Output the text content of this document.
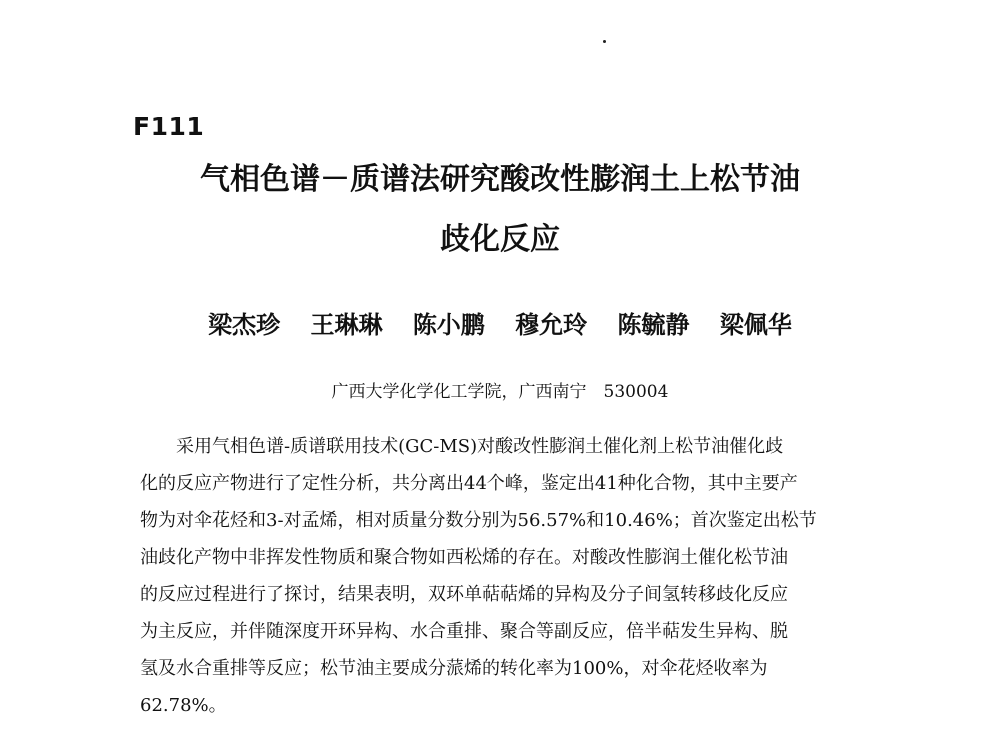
F111
气相色谱－质谱法研究酸改性膨润土上松节油
歧化反应
梁杰珍 王琳琳 陈小鹏 穆允玲 陈毓静 梁佩华
广西大学化学化工学院，广西南宁　530004
采用气相色谱-质谱联用技术(GC-MS)对酸改性膨润土催化剂上松节油催化歧
化的反应产物进行了定性分析，共分离出44个峰，鉴定出41种化合物，其中主要产
物为对伞花烃和3-对孟烯，相对质量分数分别为56.57%和10.46%；首次鉴定出松节
油歧化产物中非挥发性物质和聚合物如西松烯的存在。对酸改性膨润土催化松节油
的反应过程进行了探讨，结果表明，双环单萜萜烯的异构及分子间氢转移歧化反应
为主反应，并伴随深度开环异构、水合重排、聚合等副反应，倍半萜发生异构、脱
氢及水合重排等反应；松节油主要成分蒎烯的转化率为100%，对伞花烃收率为
62.78%。
